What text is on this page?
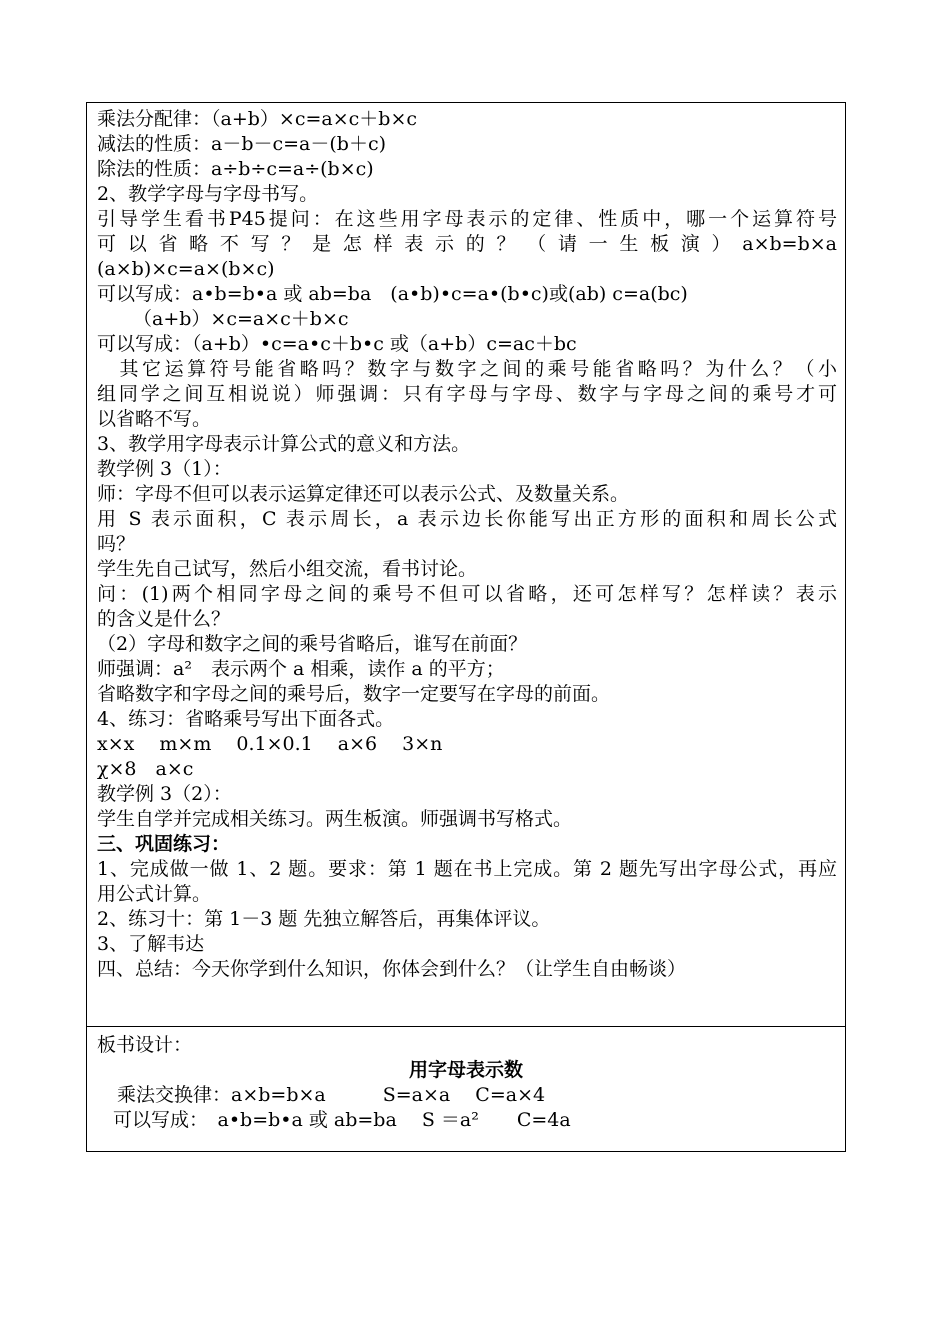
乘法分配律：（a+b）×c=a×c＋b×c
减法的性质：a－b－c=a－(b＋c)
除法的性质：a÷b÷c=a÷(b×c)
2、教学字母与字母书写。
引导学生看书P45提问：在这些用字母表示的定律、性质中，哪一个运算符号
可 以 省 略 不 写 ？ 是 怎 样 表 示 的 ？ （ 请 一 生 板 演 ） a×b=b×a
(a×b)×c=a×(b×c)
可以写成：a•b=b•a 或 ab=ba　(a•b)•c=a•(b•c)或(ab) c=a(bc)
（a+b）×c=a×c＋b×c
可以写成：（a+b）•c=a•c＋b•c 或（a+b）c=ac＋bc
　其它运算符号能省略吗？数字与数字之间的乘号能省略吗？为什么？（小
组同学之间互相说说）师强调：只有字母与字母、数字与字母之间的乘号才可
以省略不写。
3、教学用字母表示计算公式的意义和方法。
教学例 3（1）：
师：字母不但可以表示运算定律还可以表示公式、及数量关系。
用 S 表示面积，C 表示周长，a 表示边长你能写出正方形的面积和周长公式
吗？
学生先自己试写，然后小组交流，看书讨论。
问：(1)两个相同字母之间的乘号不但可以省略，还可怎样写？怎样读？表示
的含义是什么？
（2）字母和数字之间的乘号省略后，谁写在前面？
师强调：a²　表示两个 a 相乘，读作 a 的平方；
省略数字和字母之间的乘号后，数字一定要写在字母的前面。
4、练习：省略乘号写出下面各式。
x×x　 m×m　 0.1×0.1　 a×6　 3×n
χ×8　a×c
教学例 3（2）：
学生自学并完成相关练习。两生板演。师强调书写格式。
三、巩固练习：
1、完成做一做 1、2 题。要求：第 1 题在书上完成。第 2 题先写出字母公式，再应
用公式计算。
2、练习十：第 1－3 题 先独立解答后，再集体评议。
3、了解韦达
四、总结：今天你学到什么知识，你体会到什么？（让学生自由畅谈）
板书设计：
用字母表示数
乘法交换律：a×b=b×a　　　S=a×a　 C=a×4
可以写成：　a•b=b•a 或 ab=ba　 S ＝a²　　C=4a
